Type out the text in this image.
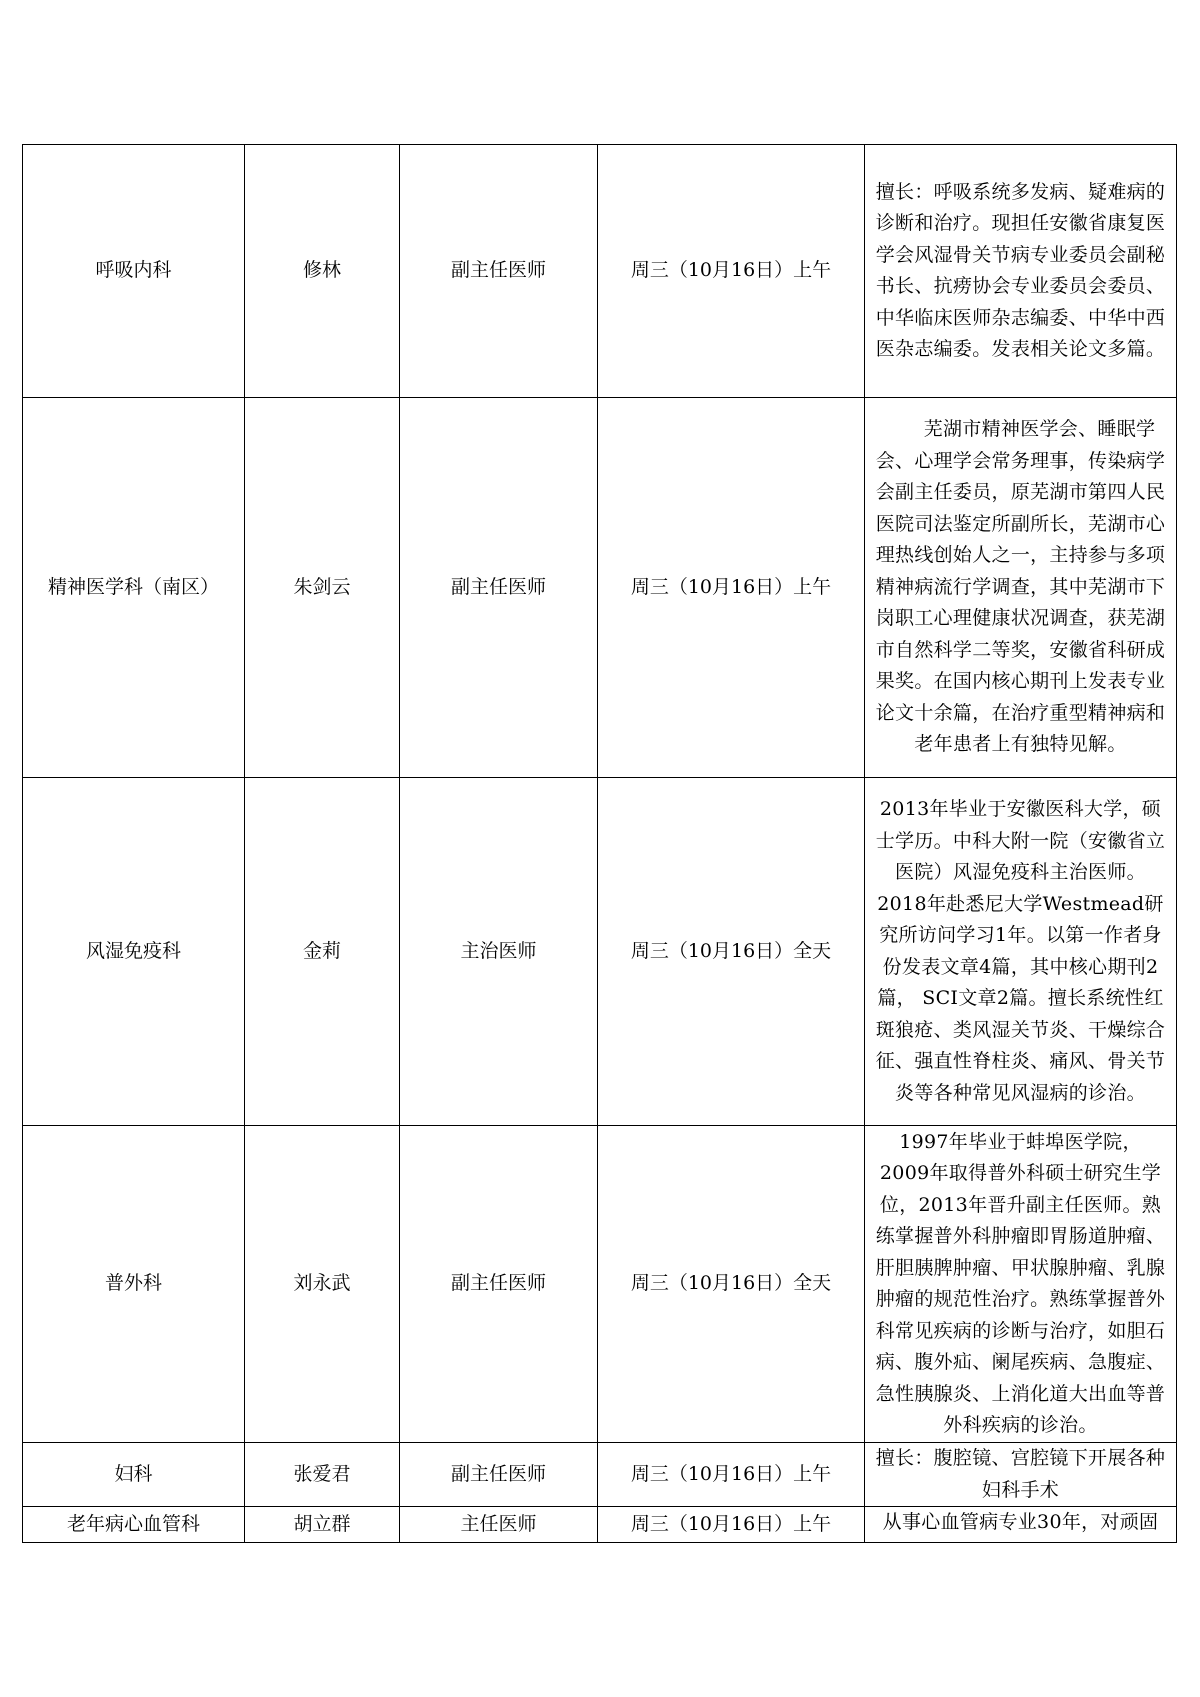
呼吸内科	修林	副主任医师	周三（10月16日）上午	擅长：呼吸系统多发病、疑难病的诊断和治疗。现担任安徽省康复医学会风湿骨关节病专业委员会副秘书长、抗痨协会专业委员会委员、中华临床医师杂志编委、中华中西医杂志编委。发表相关论文多篇。
精神医学科（南区）	朱剑云	副主任医师	周三（10月16日）上午	芜湖市精神医学会、睡眠学会、心理学会常务理事，传染病学会副主任委员，原芜湖市第四人民医院司法鉴定所副所长，芜湖市心理热线创始人之一，主持参与多项精神病流行学调查，其中芜湖市下岗职工心理健康状况调查，获芜湖市自然科学二等奖，安徽省科研成果奖。在国内核心期刊上发表专业论文十余篇，在治疗重型精神病和老年患者上有独特见解。
风湿免疫科	金莉	主治医师	周三（10月16日）全天	2013年毕业于安徽医科大学，硕士学历。中科大附一院（安徽省立医院）风湿免疫科主治医师。2018年赴悉尼大学Westmead研究所访问学习1年。以第一作者身份发表文章4篇，其中核心期刊2篇， SCI文章2篇。擅长系统性红斑狼疮、类风湿关节炎、干燥综合征、强直性脊柱炎、痛风、骨关节炎等各种常见风湿病的诊治。
普外科	刘永武	副主任医师	周三（10月16日）全天	1997年毕业于蚌埠医学院，2009年取得普外科硕士研究生学位，2013年晋升副主任医师。熟练掌握普外科肿瘤即胃肠道肿瘤、肝胆胰脾肿瘤、甲状腺肿瘤、乳腺肿瘤的规范性治疗。熟练掌握普外科常见疾病的诊断与治疗，如胆石病、腹外疝、阑尾疾病、急腹症、急性胰腺炎、上消化道大出血等普外科疾病的诊治。
妇科	张爱君	副主任医师	周三（10月16日）上午	擅长：腹腔镜、宫腔镜下开展各种妇科手术
老年病心血管科	胡立群	主任医师	周三（10月16日）上午	从事心血管病专业30年，对顽固
